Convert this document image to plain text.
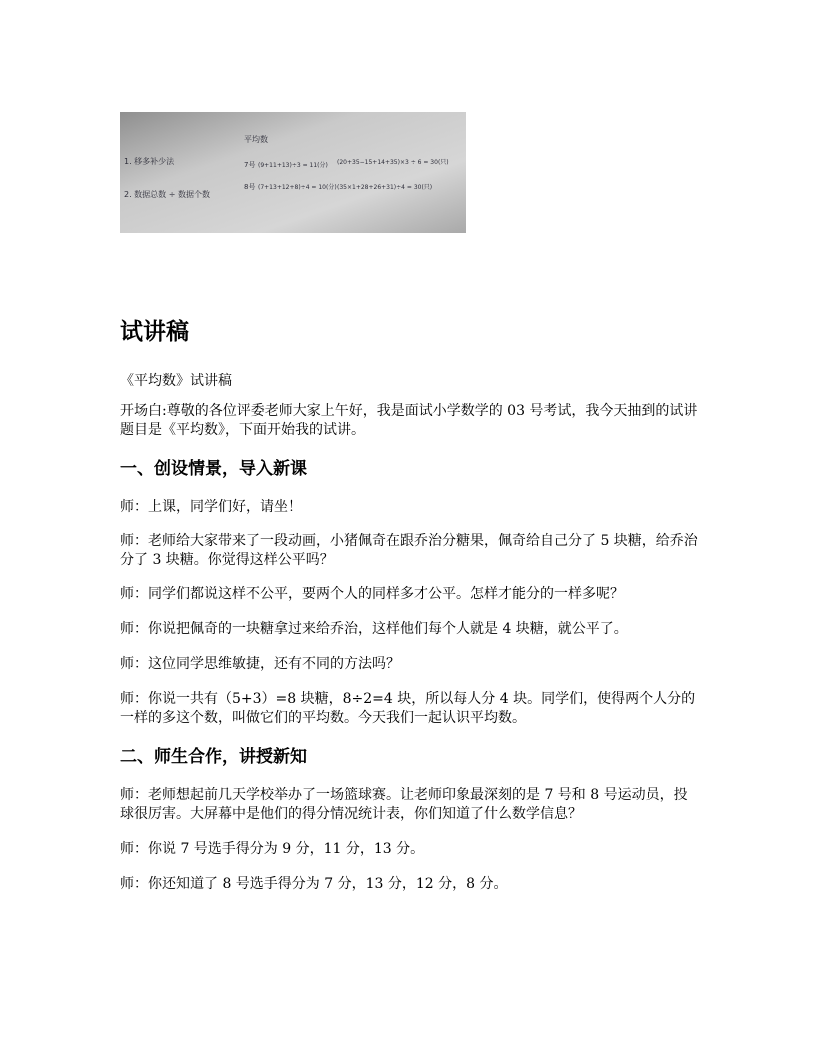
平均数
1. 移多补少法
2. 数据总数 ÷ 数据个数
7号 (9+11+13)÷3 = 11(分) (20+35−15+14+35)×3 ÷ 6 = 30(只)
8号 (7+13+12+8)÷4 = 10(分) (35×1+28+26+31)÷4 = 30(只)
试讲稿

《平均数》试讲稿

开场白:尊敬的各位评委老师大家上午好，我是面试小学数学的 03 号考试，我今天抽到的试讲题目是《平均数》，下面开始我的试讲。

一、创设情景，导入新课

师：上课，同学们好，请坐！

师：老师给大家带来了一段动画，小猪佩奇在跟乔治分糖果，佩奇给自己分了 5 块糖，给乔治分了 3 块糖。你觉得这样公平吗？

师：同学们都说这样不公平，要两个人的同样多才公平。怎样才能分的一样多呢？

师：你说把佩奇的一块糖拿过来给乔治，这样他们每个人就是 4 块糖，就公平了。

师：这位同学思维敏捷，还有不同的方法吗？

师：你说一共有（5+3）=8 块糖，8÷2=4 块，所以每人分 4 块。同学们，使得两个人分的一样的多这个数，叫做它们的平均数。今天我们一起认识平均数。

二、师生合作，讲授新知

师：老师想起前几天学校举办了一场篮球赛。让老师印象最深刻的是 7 号和 8 号运动员，投球很厉害。大屏幕中是他们的得分情况统计表，你们知道了什么数学信息？

师：你说 7 号选手得分为 9 分，11 分，13 分。

师：你还知道了 8 号选手得分为 7 分，13 分，12 分，8 分。
